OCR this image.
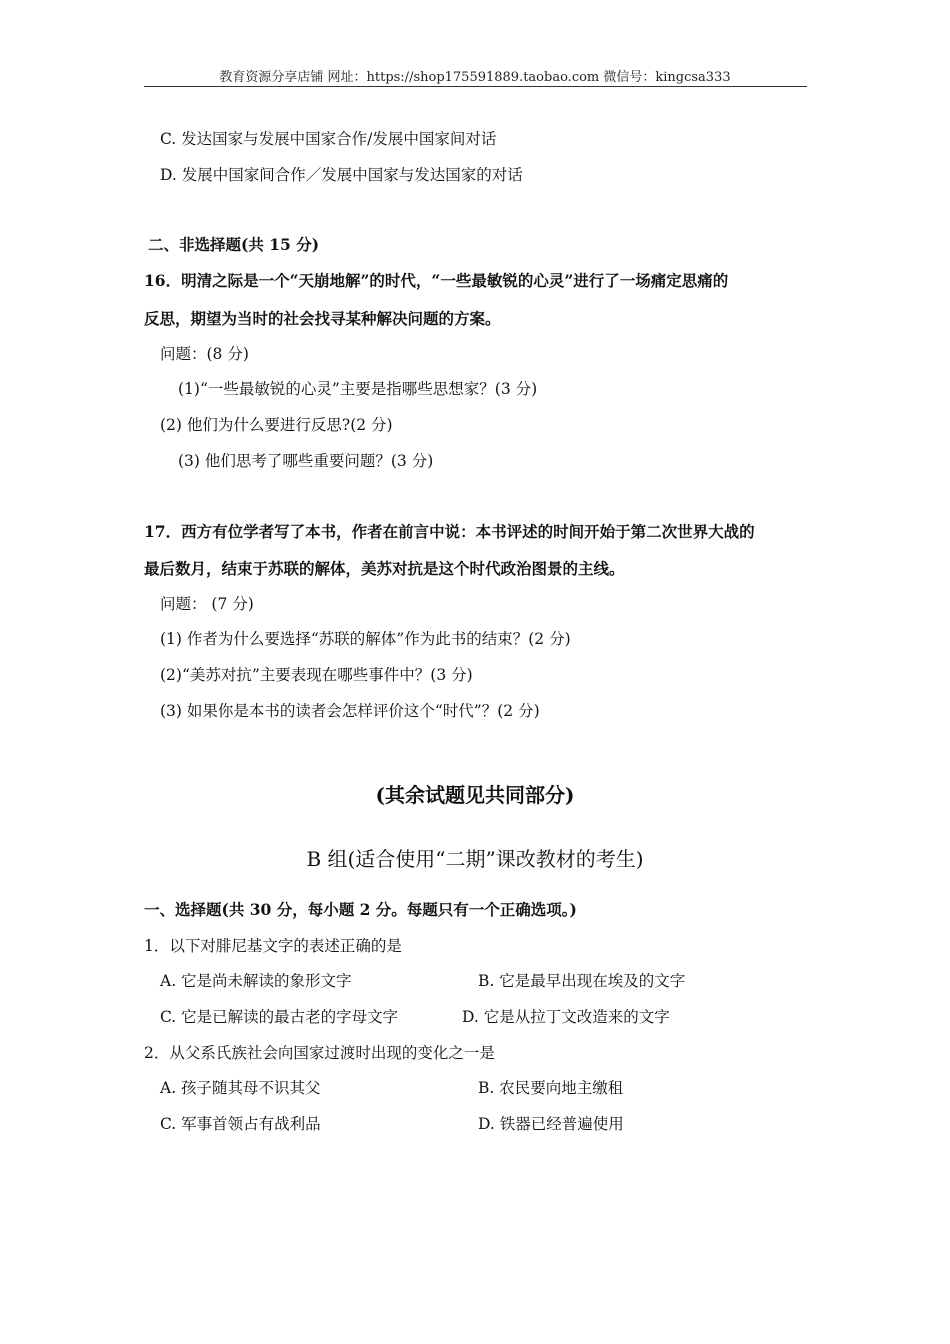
教育资源分享店铺 网址：https://shop175591889.taobao.com 微信号：kingcsa333
C. 发达国家与发展中国家合作/发展中国家间对话
D. 发展中国家间合作／发展中国家与发达国家的对话
二、非选择题(共 15 分)
16．明清之际是一个“天崩地解”的时代，“一些最敏锐的心灵”进行了一场痛定思痛的
反思，期望为当时的社会找寻某种解决问题的方案。
问题：(8 分)
(1)“一些最敏锐的心灵”主要是指哪些思想家？(3 分)
(2) 他们为什么要进行反思?(2 分)
(3) 他们思考了哪些重要问题？(3 分)
17．西方有位学者写了本书，作者在前言中说：本书评述的时间开始于第二次世界大战的
最后数月，结束于苏联的解体，美苏对抗是这个时代政治图景的主线。
问题： (7 分)
(1) 作者为什么要选择“苏联的解体”作为此书的结束？(2 分)
(2)“美苏对抗”主要表现在哪些事件中？(3 分)
(3) 如果你是本书的读者会怎样评价这个“时代”？(2 分)
(其余试题见共同部分)
B 组(适合使用“二期”课改教材的考生)
一、选择题(共 30 分，每小题 2 分。每题只有一个正确选项。)
1．以下对腓尼基文字的表述正确的是
A. 它是尚未解读的象形文字	B. 它是最早出现在埃及的文字
C. 它是已解读的最古老的字母文字	D. 它是从拉丁文改造来的文字
2．从父系氏族社会向国家过渡时出现的变化之一是
A. 孩子随其母不识其父	B. 农民要向地主缴租
C. 军事首领占有战利品	D. 铁器已经普遍使用
